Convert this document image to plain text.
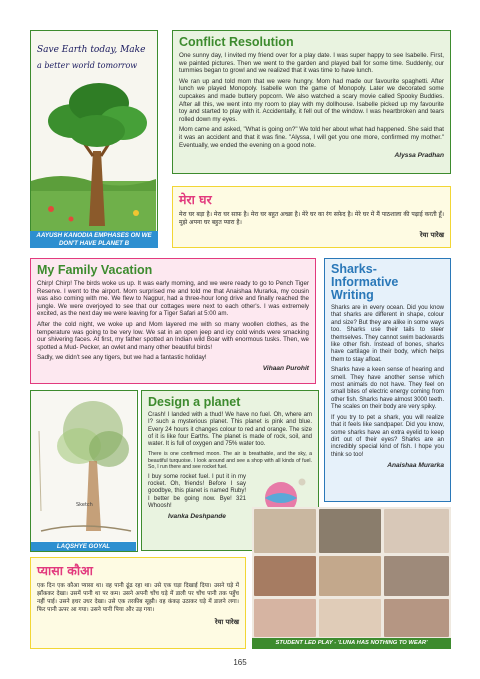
Save Earth today, Make
a better world tomorrow
AAYUSH KANODIA EMPHASES ON WE DON'T HAVE PLANET B
Conflict Resolution

One sunny day, I invited my friend over for a play date. I was super happy to see Isabelle. First, we painted pictures. Then we went to the garden and played ball for some time. Suddenly, our tummies began to growl and we realized that it was time to have lunch.

We ran up and told mom that we were hungry. Mom had made our favourite spaghetti. After lunch we played Monopoly. Isabelle won the game of Monopoly. Later we decorated some cupcakes and made buttery popcorn. We also watched a scary movie called Spooky Buddies. After all this, we went into my room to play with my dollhouse. Isabelle picked up my favourite toy and started to play with it. Accidentally, it fell out of the window. I was heartbroken and tears rolled down my eyes.

Mom came and asked, "What is going on?" We told her about what had happened. She said that it was an accident and that it was fine. "Alyssa, I will get you one more, confirmed my mother." Eventually, we ended the evening on a good note.

Alyssa Pradhan
मेरा घर

मेरा घर बड़ा है। मेरा घर साफ़ है। मेरा घर बहुत अच्छा है। मेरे घर का रंग सफ़ेद है। मेरे घर में मैं पाठशाला की पढ़ाई करती हूँ। मुझे अपना घर बहुत प्यारा है।

रेया पारेख
My Family Vacation

Chirp! Chirp! The birds woke us up. It was early morning, and we were ready to go to Pench Tiger Reserve. I went to the airport. Mom surprised me and told me that Anaishaa Murarka, my cousin was also coming with me. We flew to Nagpur, had a three-hour long drive and finally reached the jungle. We were overjoyed to see that our cottages were next to each other's. I was extremely excited, as the next day we were leaving for a Tiger Safari at 5:00 am.

After the cold night, we woke up and Mom layered me with so many woollen clothes, as the temperature was going to be very low. We sat in an open jeep and icy cold winds were smacking our shivering faces. At first, my father spotted an Indian wild Boar with enormous tusks. Then, we spotted a Mud- Pecker, an owlet and many other beautiful birds!

Sadly, we didn't see any tigers, but we had a fantastic holiday!

Vihaan Purohit
Sharks- Informative Writing

Sharks are in every ocean. Did you know that sharks are different in shape, colour and size? But they are alike in some ways too. Sharks use their tails to steer themselves. They cannot swim backwards like other fish. Instead of bones, sharks have cartilage in their body, which helps them to stay afloat.

Sharks have a keen sense of hearing and smell. They have another sense which most animals do not have. They feel on small bites of electric energy coming from other fish. Sharks have almost 3000 teeth. The scales on their body are very spiky.

If you try to pet a shark, you will realize that it feels like sandpaper. Did you know, some sharks have an extra eyelid to keep dirt out of their eyes? Sharks are an incredibly special kind of fish. I hope you think so too!

Anaishaa Murarka
Sketch
LAQSHYE GOYAL
Design a planet

Crash! I landed with a thud! We have no fuel. Oh, where am I? such a mysterious planet. This planet is pink and blue. Every 24 hours it changes colour to red and orange. The size of it is like four Earths. The planet is made of rock, soil, and water. It is full of oxygen and 75% water too.

There is one confirmed moon. The air is breathable, and the sky, a beautiful turquoise. I look around and see a shop with all kinds of fuel. So, I run there and see rocket fuel.

I buy some rocket fuel. I put it in my rocket. Oh, friends! Before I say goodbye, this planet is named Ruby! I better be going now. Bye! 321 Whoosh!

Ivanka Deshpande
प्यासा कौआ

एक दिन एक कौआ प्यासा था। वह पानी ढूंढ रहा था। उसे एक घड़ा दिखाई दिया। उसने घड़े में झाँककर देखा। उसमें पानी था पर कम। उसने अपनी चोंच घड़े में डाली पर चोंच पानी तक पहुँच नहीं पाई। उसने इधर उधर देखा। उसे एक तरकीब सूझी। वह कंकड़ उठाकर घड़े में डालने लगा। फिर पानी ऊपर आ गया। उसने पानी पिया और उड़ गया।

रेया पारेख
STUDENT LED PLAY - 'LUNA HAS NOTHING TO WEAR'
165
